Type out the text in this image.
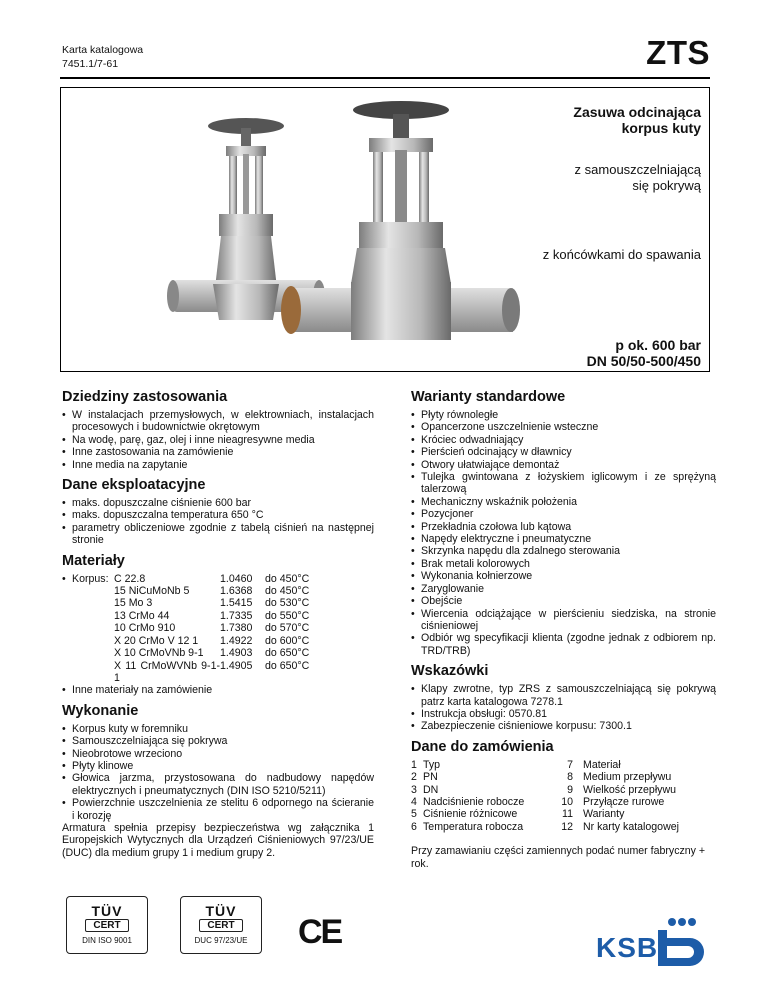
Karta katalogowa
7451.1/7-61	ZTS
Zasuwa odcinająca
korpus kuty
z samouszczelniającą
się pokrywą
z końcówkami do spawania
p ok. 600 bar
DN 50/50-500/450
Dziedziny zastosowania
• W instalacjach przemysłowych, w elektrowniach, instalacjach procesowych i budownictwie okrętowym
• Na wodę, parę, gaz, olej i inne nieagresywne media
• Inne zastosowania na zamówienie
• Inne media na zapytanie
Dane eksploatacyjne
• maks. dopuszczalne ciśnienie 600 bar
• maks. dopuszczalna temperatura 650 °C
• parametry obliczeniowe zgodnie z tabelą ciśnień na następnej stronie
Materiały
• Korpus: C 22.8	1.0460	do 450°C
15 NiCuMoNb 5	1.6368	do 450°C
15 Mo 3	1.5415	do 530°C
13 CrMo 44	1.7335	do 550°C
10 CrMo 910	1.7380	do 570°C
X 20 CrMo V 12 1	1.4922	do 600°C
X 10 CrMoVNb 9-1	1.4903	do 650°C
X 11 CrMoWVNb 9-1-1
1.4905	do 650°C
• Inne materiały na zamówienie
Wykonanie
• Korpus kuty w foremniku
• Samouszczelniająca się pokrywa
• Nieobrotowe wrzeciono
• Płyty klinowe
• Głowica jarzma, przystosowana do nadbudowy napędów elektrycznych i pneumatycznych (DIN ISO 5210/5211)
• Powierzchnie uszczelnienia ze stelitu 6 odpornego na ścieranie i korozję

Armatura spełnia przepisy bezpieczeństwa wg załącznika 1 Europejskich Wytycznych dla Urządzeń Ciśnieniowych 97/23/UE (DUC) dla medium grupy 1 i medium grupy 2.

Warianty standardowe
• Płyty równoległe
• Opancerzone uszczelnienie wsteczne
• Króciec odwadniający
• Pierścień odcinający w dławnicy
• Otwory ułatwiające demontaż
• Tulejka gwintowana z łożyskiem iglicowym i ze sprężyną talerzową
• Mechaniczny wskaźnik położenia
• Pozycjoner
• Przekładnia czołowa lub kątowa
• Napędy elektryczne i pneumatyczne
• Skrzynka napędu dla zdalnego sterowania
• Brak metali kolorowych
• Wykonania kołnierzowe
• Zaryglowanie
• Obejście
• Wiercenia odciążające w pierścieniu siedziska, na stronie ciśnieniowej
• Odbiór wg specyfikacji klienta (zgodne jednak z odbiorem np. TRD/TRB)
Wskazówki
• Klapy zwrotne, typ ZRS z samouszczelniającą się pokrywą patrz karta katalogowa 7278.1
• Instrukcja obsługi: 0570.81
• Zabezpieczenie ciśnieniowe korpusu: 7300.1
Dane do zamówienia
1 Typ	7 Materiał
2 PN	8 Medium przepływu
3 DN	9 Wielkość przepływu
4 Nadciśnienie robocze	10 Przyłącze rurowe
5 Ciśnienie różnicowe	11 Warianty
6 Temperatura robocza	12 Nr karty katalogowej

Przy zamawianiu części zamiennych podać numer fabryczny + rok.

TÜV
CERT
DIN ISO 9001
TÜV
CERT
DUC 97/23/UE	CE	KSB
